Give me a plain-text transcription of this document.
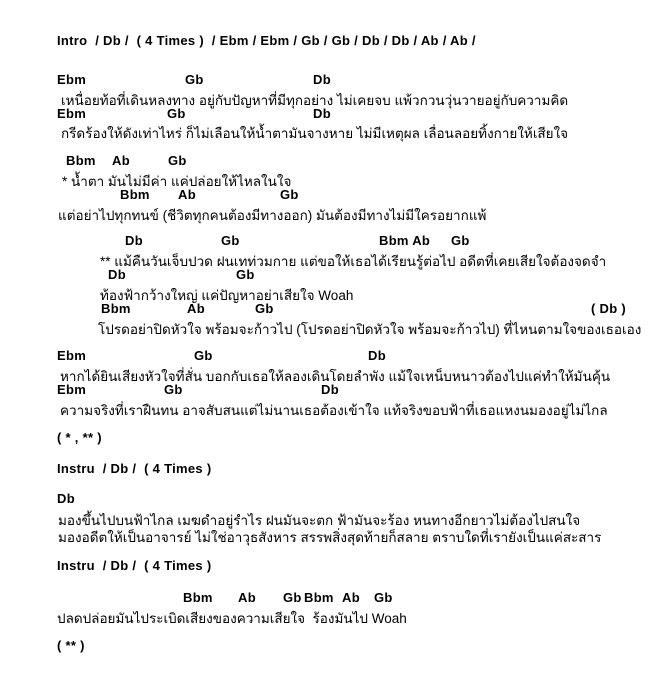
Intro  / Db /  ( 4 Times )  / Ebm / Ebm / Gb / Gb / Db / Db / Ab / Ab /
Ebm	Gb	Db
เหนื่อยท้อที่เดินหลงทาง อยู่กับปัญหาที่มีทุกอย่าง ไม่เคยจบ แพ้วกวนวุ่นวายอยู่กับความคิด
Ebm	Gb	Db
กรีดร้องให้ดังเท่าไหร่ ก็ไม่เลือนให้น้ำตามันจางหาย ไม่มีเหตุผล เลื่อนลอยทิ้งกายให้เสียใจ
Bbm Ab	Gb
* น้ำตา มันไม่มีค่า แค่ปล่อยให้ไหลในใจ
Bbm Ab	Gb
แต่อย่าไปทุกทนข์ (ชีวิตทุกคนต้องมีทางออก) มันต้องมีทางไม่มีใครอยากแพ้
Db	Gb	Bbm Ab Gb
** แม้คืนวันเจ็บปวด ฝนเทท่วมกาย แต่ขอให้เธอได้เรียนรู้ต่อไป อดีตที่เคยเสียใจต้องจดจำ
Db	Gb
ท้องฟ้ากว้างใหญ่ แค่ปัญหาอย่าเสียใจ Woah
Bbm	Ab	Gb	( Db )
โปรดอย่าปิดหัวใจ พร้อมจะก้าวไป (โปรดอย่าปิดหัวใจ พร้อมจะก้าวไป) ที่ไหนตามใจของเธอเอง
Ebm	Gb	Db
หากได้ยินเสียงหัวใจที่สั่น บอกกับเธอให้ลองเดินโดยลำพัง แม้ใจเหน็บหนาวต้องไปแค่ทำให้มันคุ้น
Ebm	Gb	Db
ความจริงที่เราฝืนทน อาจสับสนแต่ไม่นานเธอต้องเข้าใจ แท้จริงขอบฟ้าที่เธอแหงนมองอยู่ไม่ไกล
( * , ** )
Instru  / Db /  ( 4 Times )
Db
มองขึ้นไปบนฟ้าไกล เมฆดำอยู่รำไร ฝนมันจะตก ฟ้ามันจะร้อง หนทางอีกยาวไม่ต้องไปสนใจ
มองอดีตให้เป็นอาจารย์ ไม่ใช่อาวุธสังหาร สรรพสิ่งสุดท้ายก็สลาย ตราบใดที่เรายังเป็นแค่สะสาร
Instru  / Db /  ( 4 Times )
Bbm Ab Gb Bbm Ab Gb
ปลดปล่อยมันไประเบิดเสียงของความเสียใจ  ร้องมันไป Woah
( ** )
